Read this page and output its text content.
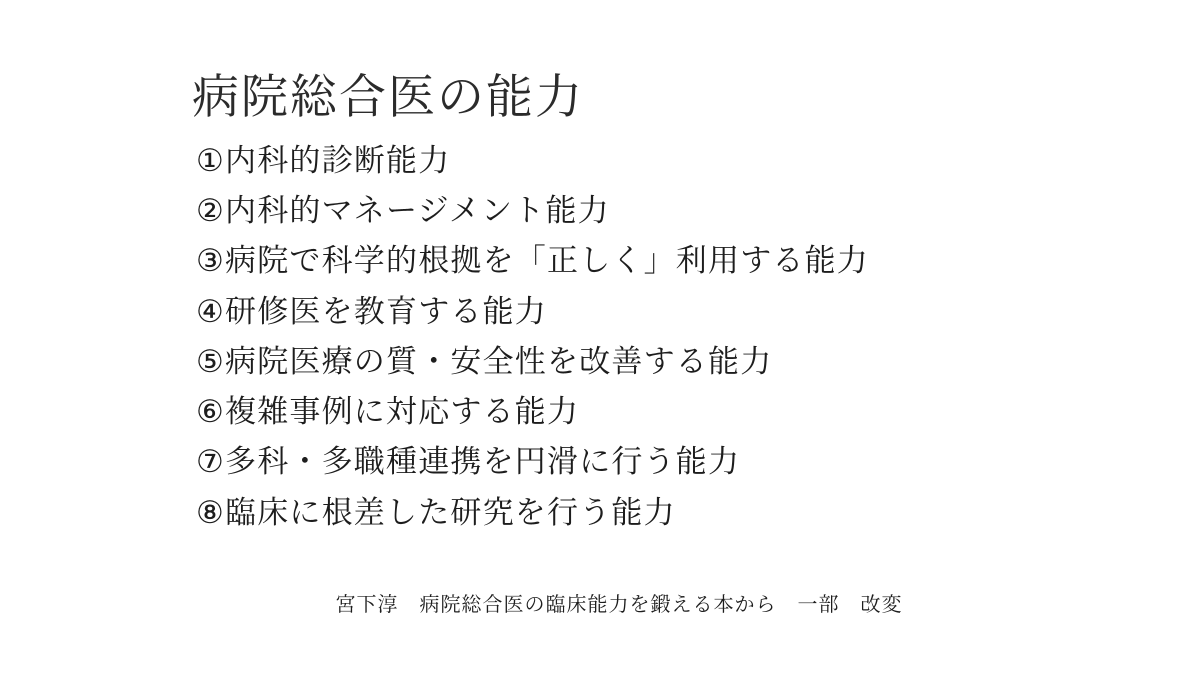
病院総合医の能力
①内科的診断能力
②内科的マネージメント能力
③病院で科学的根拠を「正しく」利用する能力
④研修医を教育する能力
⑤病院医療の質・安全性を改善する能力
⑥複雑事例に対応する能力
⑦多科・多職種連携を円滑に行う能力
⑧臨床に根差した研究を行う能力
宮下淳　病院総合医の臨床能力を鍛える本から　一部　改変
